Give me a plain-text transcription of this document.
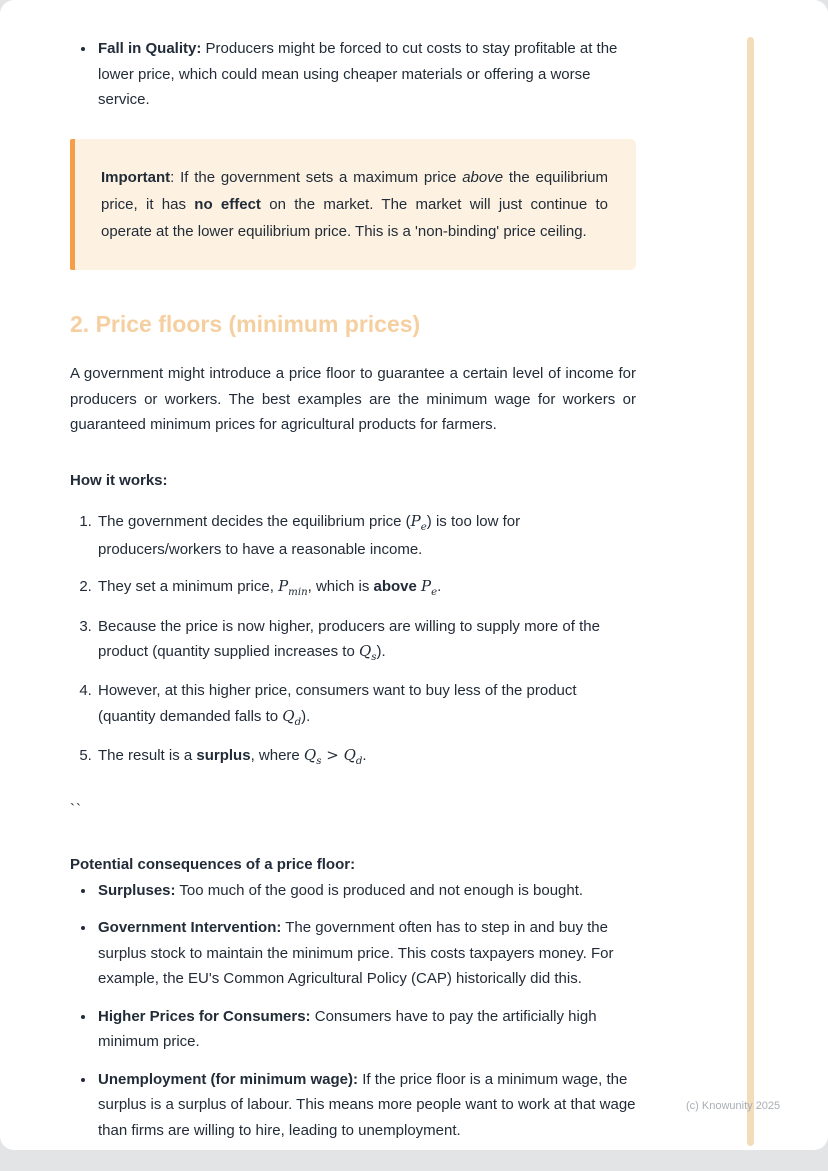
• Fall in Quality: Producers might be forced to cut costs to stay profitable at the lower price, which could mean using cheaper materials or offering a worse service.
Important: If the government sets a maximum price above the equilibrium price, it has no effect on the market. The market will just continue to operate at the lower equilibrium price. This is a 'non-binding' price ceiling.
2. Price floors (minimum prices)

A government might introduce a price floor to guarantee a certain level of income for producers or workers. The best examples are the minimum wage for workers or guaranteed minimum prices for agricultural products for farmers.

How it works:

1. The government decides the equilibrium price $(P_e)$ is too low for producers/workers to have a reasonable income.
2. They set a minimum price, $P_{min}$, which is above $P_e$.
3. Because the price is now higher, producers are willing to supply more of the product (quantity supplied increases to $Q_s$).
4. However, at this higher price, consumers want to buy less of the product (quantity demanded falls to $Q_d$).
5. The result is a surplus, where $Q_s > Q_d$.

``

Potential consequences of a price floor:

• Surpluses: Too much of the good is produced and not enough is bought.
• Government Intervention: The government often has to step in and buy the surplus stock to maintain the minimum price. This costs taxpayers money. For example, the EU's Common Agricultural Policy (CAP) historically did this.
• Higher Prices for Consumers: Consumers have to pay the artificially high minimum price.
• Unemployment (for minimum wage): If the price floor is a minimum wage, the surplus is a surplus of labour. This means more people want to work at that wage than firms are willing to hire, leading to unemployment.
(c) Knowunity 2025
